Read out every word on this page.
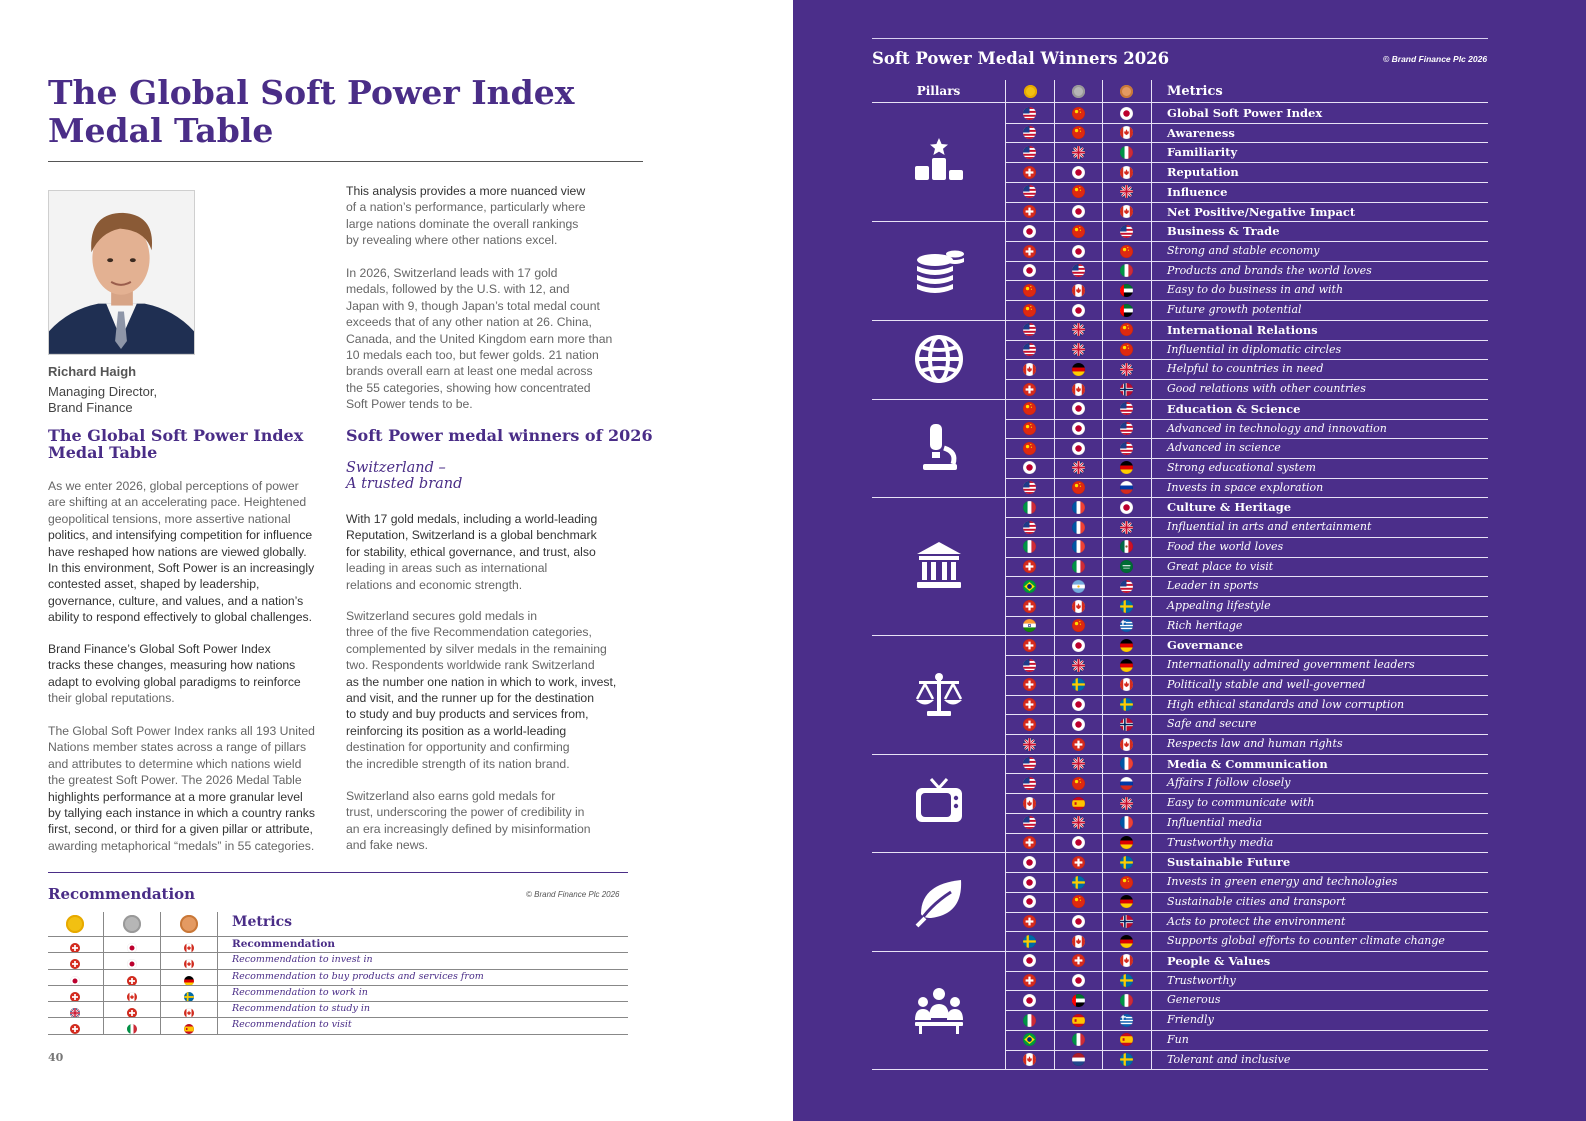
The Global Soft Power Index
Medal Table
Richard Haigh
Managing Director,
Brand Finance
The Global Soft Power Index
Medal Table
As we enter 2026, global perceptions of power
are shifting at an accelerating pace. Heightened
geopolitical tensions, more assertive national
politics, and intensifying competition for influence
have reshaped how nations are viewed globally.
In this environment, Soft Power is an increasingly
contested asset, shaped by leadership,
governance, culture, and values, and a nation’s
ability to respond effectively to global challenges.
Brand Finance’s Global Soft Power Index
tracks these changes, measuring how nations
adapt to evolving global paradigms to reinforce
their global reputations.
The Global Soft Power Index ranks all 193 United
Nations member states across a range of pillars
and attributes to determine which nations wield
the greatest Soft Power. The 2026 Medal Table
highlights performance at a more granular level
by tallying each instance in which a country ranks
first, second, or third for a given pillar or attribute,
awarding metaphorical “medals” in 55 categories.
This analysis provides a more nuanced view
of a nation’s performance, particularly where
large nations dominate the overall rankings
by revealing where other nations excel.
In 2026, Switzerland leads with 17 gold
medals, followed by the U.S. with 12, and
Japan with 9, though Japan’s total medal count
exceeds that of any other nation at 26. China,
Canada, and the United Kingdom earn more than
10 medals each too, but fewer golds. 21 nation
brands overall earn at least one medal across
the 55 categories, showing how concentrated
Soft Power tends to be.
Soft Power medal winners of 2026
Switzerland –
A trusted brand
With 17 gold medals, including a world-leading
Reputation, Switzerland is a global benchmark
for stability, ethical governance, and trust, also
leading in areas such as international
relations and economic strength.
Switzerland secures gold medals in
three of the five Recommendation categories,
complemented by silver medals in the remaining
two. Respondents worldwide rank Switzerland
as the number one nation in which to work, invest,
and visit, and the runner up for the destination
to study and buy products and services from,
reinforcing its position as a world-leading
destination for opportunity and confirming
the incredible strength of its nation brand.
Switzerland also earns gold medals for
trust, underscoring the power of credibility in
an era increasingly defined by misinformation
and fake news.
Recommendation	© Brand Finance Plc 2026
Metrics
Recommendation
Recommendation to invest in
Recommendation to buy products and services from
Recommendation to work in
Recommendation to study in
Recommendation to visit
40
Soft Power Medal Winners 2026	© Brand Finance Plc 2026
Pillars	Metrics
Global Soft Power Index
Awareness
Familiarity
Reputation
Influence
Net Positive/Negative Impact
Business & Trade
Strong and stable economy
Products and brands the world loves
Easy to do business in and with
Future growth potential
International Relations
Influential in diplomatic circles
Helpful to countries in need
Good relations with other countries
Education & Science
Advanced in technology and innovation
Advanced in science
Strong educational system
Invests in space exploration
Culture & Heritage
Influential in arts and entertainment
Food the world loves
Great place to visit
Leader in sports
Appealing lifestyle
Rich heritage
Governance
Internationally admired government leaders
Politically stable and well-governed
High ethical standards and low corruption
Safe and secure
Respects law and human rights
Media & Communication
Affairs I follow closely
Easy to communicate with
Influential media
Trustworthy media
Sustainable Future
Invests in green energy and technologies
Sustainable cities and transport
Acts to protect the environment
Supports global efforts to counter climate change
People & Values
Trustworthy
Generous
Friendly
Fun
Tolerant and inclusive
